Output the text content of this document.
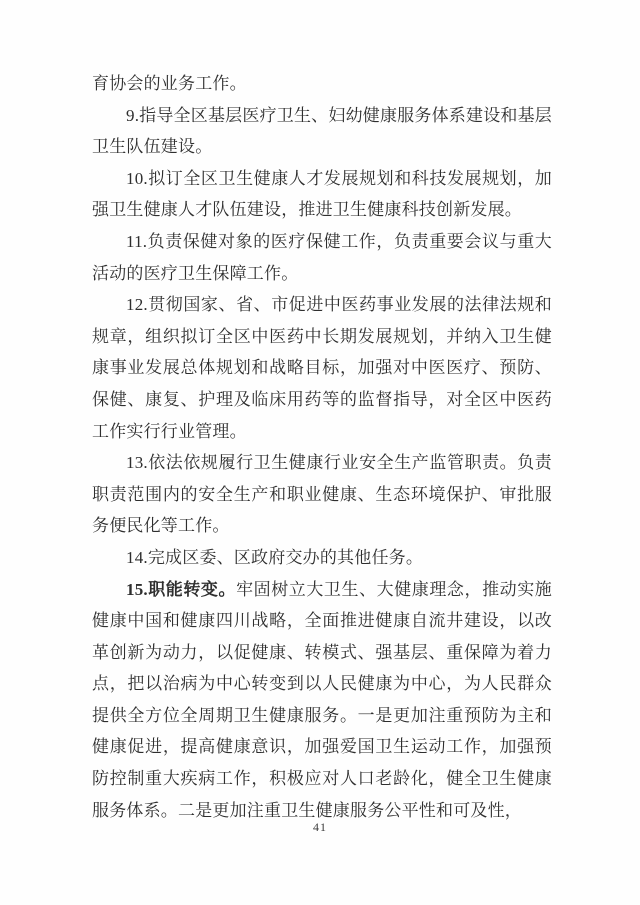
育协会的业务工作。

9.指导全区基层医疗卫生、妇幼健康服务体系建设和基层卫生队伍建设。

10.拟订全区卫生健康人才发展规划和科技发展规划，加强卫生健康人才队伍建设，推进卫生健康科技创新发展。

11.负责保健对象的医疗保健工作，负责重要会议与重大活动的医疗卫生保障工作。

12.贯彻国家、省、市促进中医药事业发展的法律法规和规章，组织拟订全区中医药中长期发展规划，并纳入卫生健康事业发展总体规划和战略目标，加强对中医医疗、预防、保健、康复、护理及临床用药等的监督指导，对全区中医药工作实行行业管理。

13.依法依规履行卫生健康行业安全生产监管职责。负责职责范围内的安全生产和职业健康、生态环境保护、审批服务便民化等工作。

14.完成区委、区政府交办的其他任务。

15.职能转变。牢固树立大卫生、大健康理念，推动实施健康中国和健康四川战略，全面推进健康自流井建设，以改革创新为动力，以促健康、转模式、强基层、重保障为着力点，把以治病为中心转变到以人民健康为中心，为人民群众提供全方位全周期卫生健康服务。一是更加注重预防为主和健康促进，提高健康意识，加强爱国卫生运动工作，加强预防控制重大疾病工作，积极应对人口老龄化，健全卫生健康服务体系。二是更加注重卫生健康服务公平性和可及性，

41
